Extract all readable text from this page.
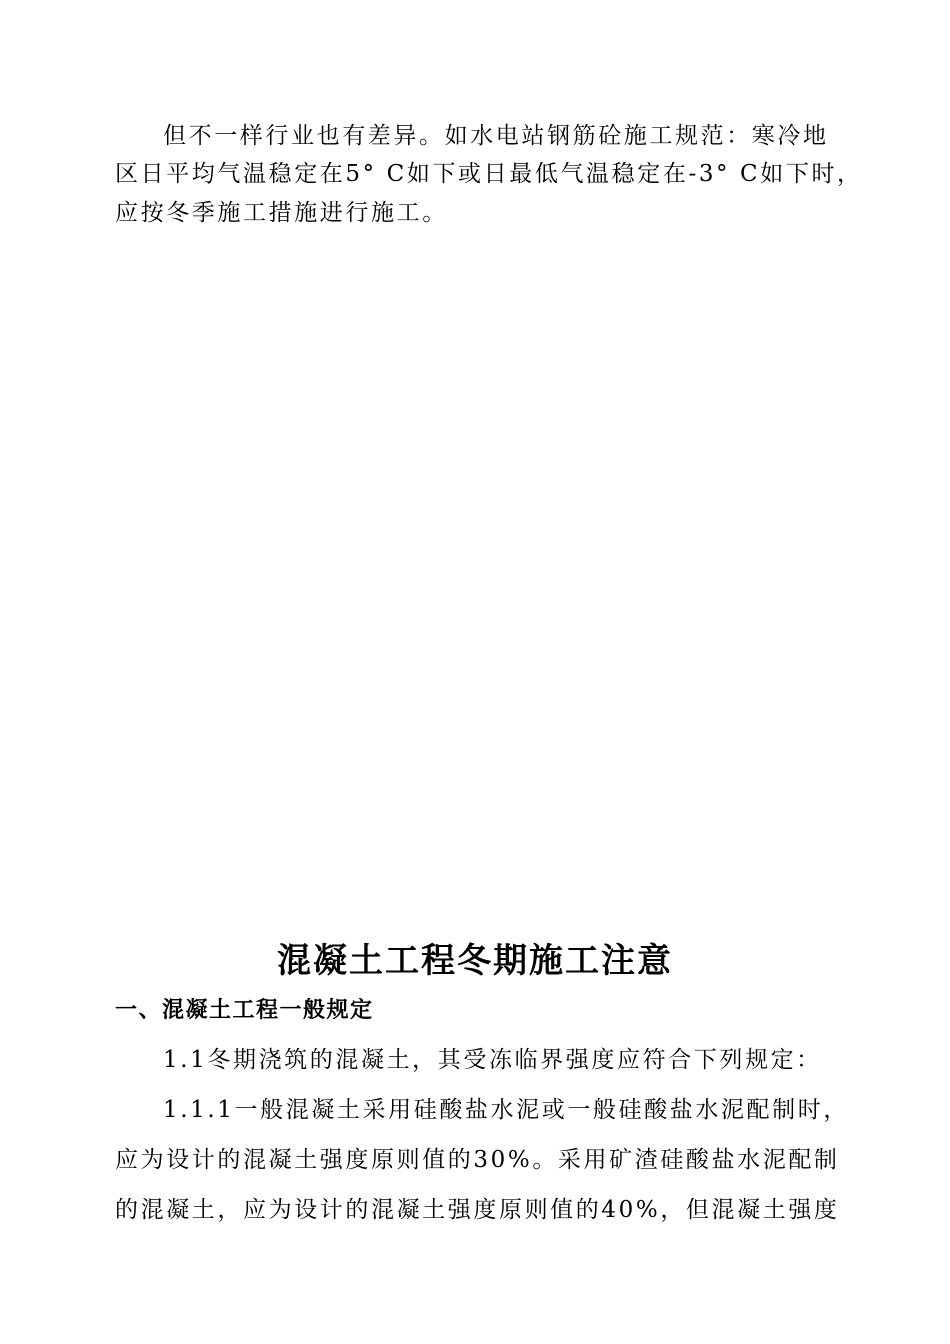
但不一样行业也有差异。如水电站钢筋砼施工规范：寒冷地
区日平均气温稳定在5° C如下或日最低气温稳定在-3° C如下时，
应按冬季施工措施进行施工。
混凝土工程冬期施工注意
一、混凝土工程一般规定
1.1冬期浇筑的混凝土，其受冻临界强度应符合下列规定：
1.1.1一般混凝土采用硅酸盐水泥或一般硅酸盐水泥配制时，
应为设计的混凝土强度原则值的30%。采用矿渣硅酸盐水泥配制
的混凝土，应为设计的混凝土强度原则值的40%，但混凝土强度
